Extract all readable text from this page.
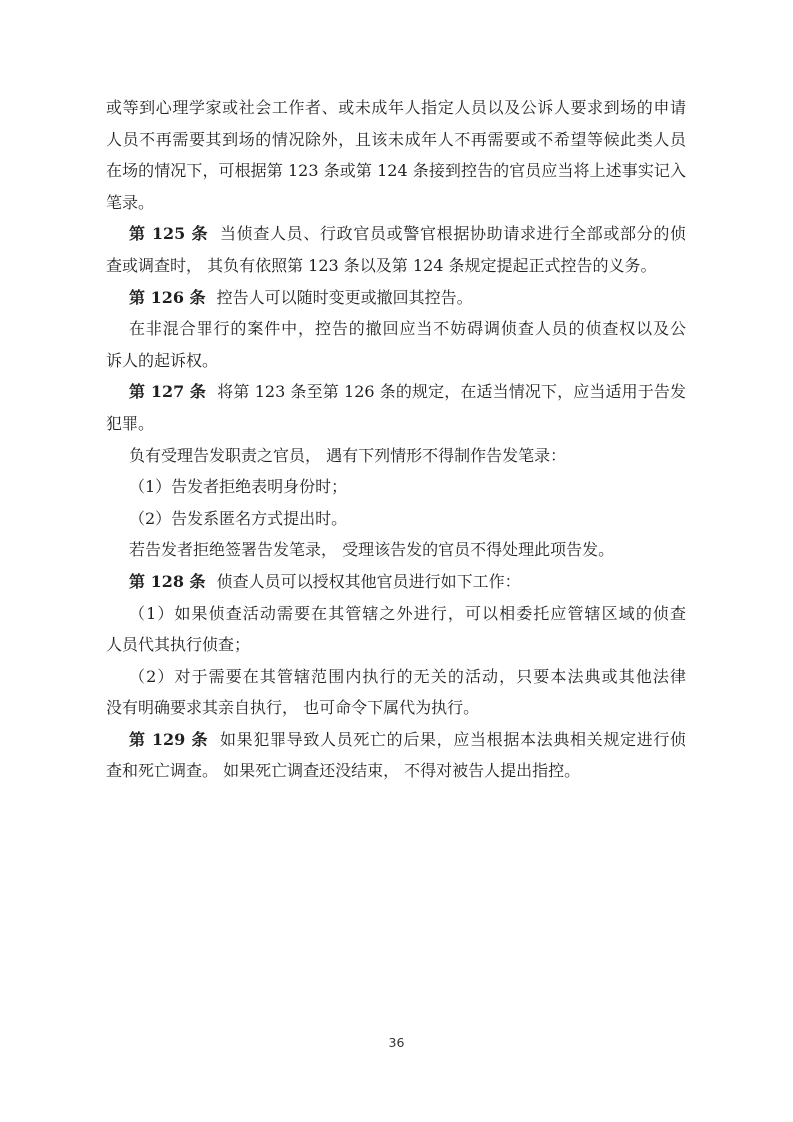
或等到心理学家或社会工作者、或未成年人指定人员以及公诉人要求到场的申请
人员不再需要其到场的情况除外，且该未成年人不再需要或不希望等候此类人员
在场的情况下，可根据第 123 条或第 124 条接到控告的官员应当将上述事实记入
笔录。
第 125 条 当侦查人员、行政官员或警官根据协助请求进行全部或部分的侦
查或调查时， 其负有依照第 123 条以及第 124 条规定提起正式控告的义务。
第 126 条 控告人可以随时变更或撤回其控告。
在非混合罪行的案件中，控告的撤回应当不妨碍调侦查人员的侦查权以及公
诉人的起诉权。
第 127 条 将第 123 条至第 126 条的规定，在适当情况下，应当适用于告发
犯罪。
负有受理告发职责之官员， 遇有下列情形不得制作告发笔录：
（1）告发者拒绝表明身份时；
（2）告发系匿名方式提出时。
若告发者拒绝签署告发笔录， 受理该告发的官员不得处理此项告发。
第 128 条 侦查人员可以授权其他官员进行如下工作：
（1）如果侦查活动需要在其管辖之外进行，可以相委托应管辖区域的侦查
人员代其执行侦查；
（2）对于需要在其管辖范围内执行的无关的活动，只要本法典或其他法律
没有明确要求其亲自执行， 也可命令下属代为执行。
第 129 条 如果犯罪导致人员死亡的后果，应当根据本法典相关规定进行侦
查和死亡调查。 如果死亡调查还没结束， 不得对被告人提出指控。
36
